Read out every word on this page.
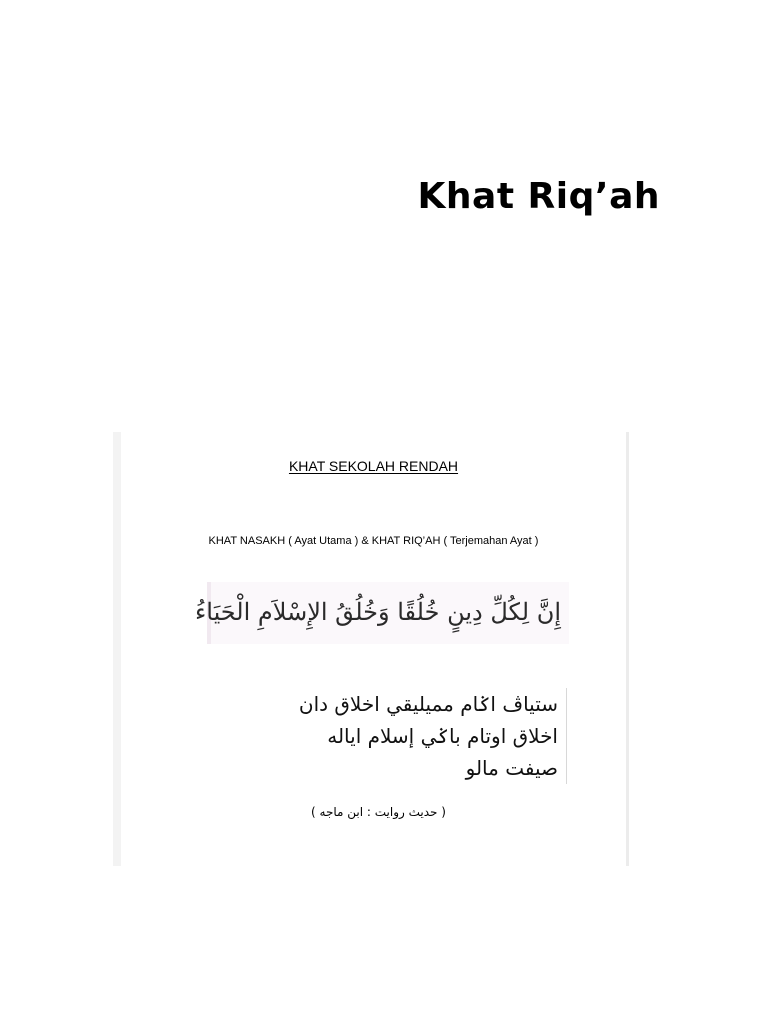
Khat Riq’ah
KHAT SEKOLAH RENDAH
KHAT NASAKH ( Ayat Utama ) & KHAT RIQ’AH ( Terjemahan Ayat )
إِنَّ لِكُلِّ دِينٍ خُلُقًا وَخُلُقُ الإِسْلاَمِ الْحَيَاءُ
ستياڤ اݢام مميليقي اخلاق دان
اخلاق اوتام باݢي إسلام اياله
صيفت مالو
( حديث روايت : ابن ماجه )
